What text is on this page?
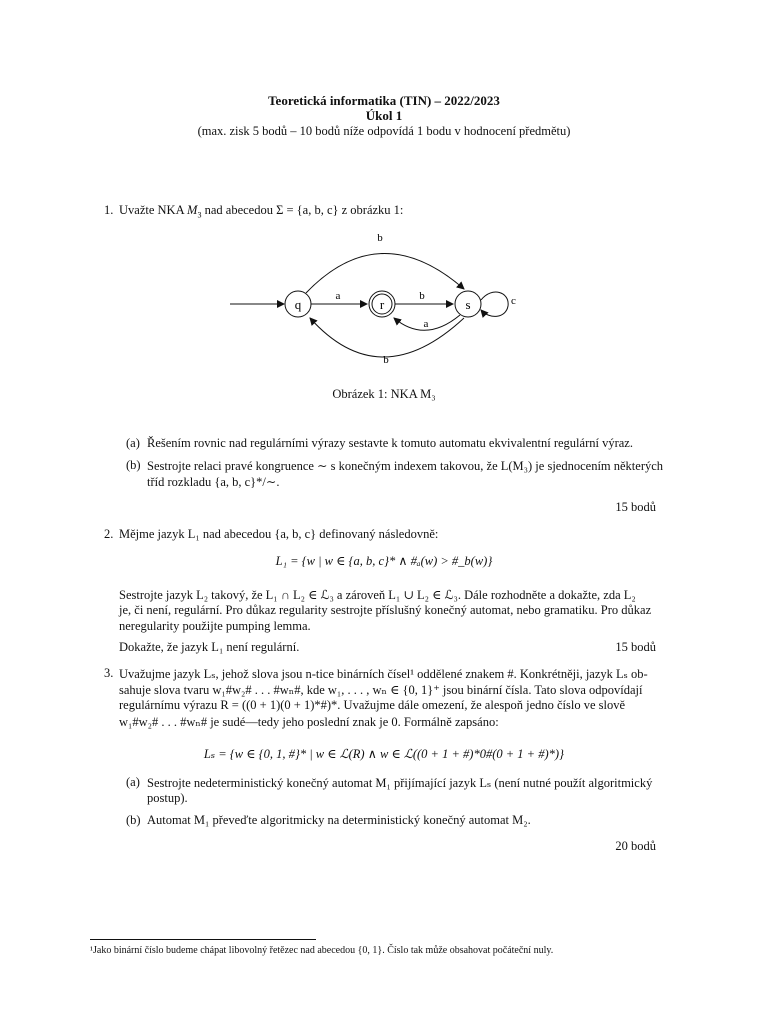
Teoretická informatika (TIN) – 2022/2023
Úkol 1
(max. zisk 5 bodů – 10 bodů níže odpovídá 1 bodu v hodnocení předmětu)
1. Uvažte NKA $M_3$ nad abecedou Σ = {a, b, c} z obrázku 1:
q	r	s
a	b
a
b
b
c
Obrázek 1: NKA M₃
(a) Řešením rovnic nad regulárními výrazy sestavte k tomuto automatu ekvivalentní regulární výraz.
(b) Sestrojte relaci pravé kongruence ∼ s konečným indexem takovou, že L(M₃) je sjednocením některých
tříd rozkladu {a, b, c}*/∼.
15 bodů
2. Mějme jazyk L₁ nad abecedou {a, b, c} definovaný následovně:
L₁ = {w | w ∈ {a, b, c}* ∧ #ₐ(w) > #_b(w)}
Sestrojte jazyk L₂ takový, že L₁ ∩ L₂ ∈ ℒ₃ a zároveň L₁ ∪ L₂ ∈ ℒ₃. Dále rozhodněte a dokažte, zda L₂
je, či není, regulární. Pro důkaz regularity sestrojte příslušný konečný automat, nebo gramatiku. Pro důkaz
neregularity použijte pumping lemma.
Dokažte, že jazyk L₁ není regulární.	15 bodů
3. Uvažujme jazyk Lₛ, jehož slova jsou n-tice binárních čísel¹ oddělené znakem #. Konkrétněji, jazyk Lₛ ob-
sahuje slova tvaru w₁#w₂# . . . #wₙ#, kde w₁, . . . , wₙ ∈ {0, 1}⁺ jsou binární čísla. Tato slova odpovídají
regulárnímu výrazu R = ((0 + 1)(0 + 1)*#)*. Uvažujme dále omezení, že alespoň jedno číslo ve slově
w₁#w₂# . . . #wₙ# je sudé—tedy jeho poslední znak je 0. Formálně zapsáno:
Lₛ = {w ∈ {0, 1, #}* | w ∈ ℒ(R) ∧ w ∈ ℒ((0 + 1 + #)*0#(0 + 1 + #)*)}
(a) Sestrojte nedeterministický konečný automat M₁ přijímající jazyk Lₛ (není nutné použít algoritmický
postup).
(b) Automat M₁ převeďte algoritmicky na deterministický konečný automat M₂.
20 bodů
¹Jako binární číslo budeme chápat libovolný řetězec nad abecedou {0, 1}. Číslo tak může obsahovat počáteční nuly.
